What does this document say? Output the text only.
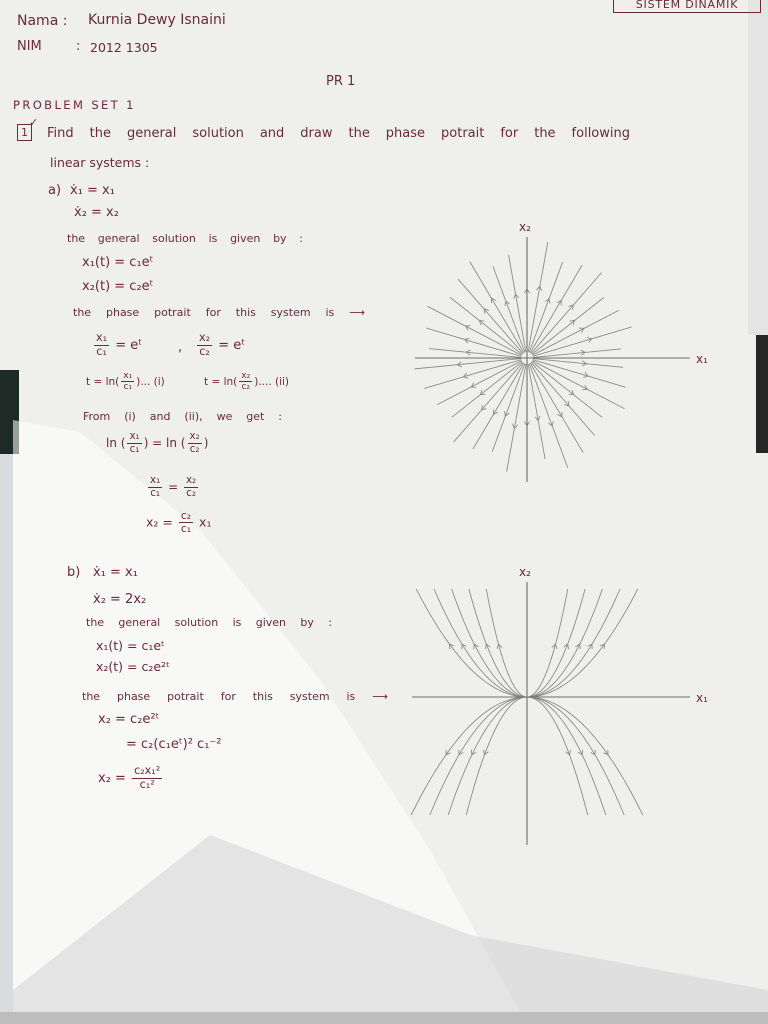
SISTEM DINAMIK
Nama : Kurnia Dewy Isnaini
NIM	: 2012 1305
PR 1
PROBLEM SET 1
1
✓
Find the general solution and draw the phase potrait for the following
linear systems :
a) ẋ₁ = x₁
ẋ₂ = x₂
the general solution is given by :
x₁(t) = c₁eᵗ
x₂(t) = c₂eᵗ
the phase potrait for this system is ⟶
$\frac{\text{x₁}}{\text{c₁}}$ = eᵗ	, $\frac{\text{x₂}}{\text{c₂}}$ = eᵗ
$t = \ln( \frac{\text{x₁}}{\text{c₁}}$ )... (i)	$t = \ln( \frac{\text{x₂}}{\text{c₂}}$ ).... (ii)
From (i) and (ii), we get :
ln ( $\frac{\text{x₁}}{\text{c₁}}$ ) = ln ( $\frac{\text{x₂}}{\text{c₂}}$ )
$\frac{\text{x₁}}{\text{c₁}} = \frac{\text{x₂}}{\text{c₂}}$
$x_2 = \frac{\text{c₂}}{\text{c₁}} x_1$
b) ẋ₁ = x₁
ẋ₂ = 2x₂
the general solution is given by :
x₁(t) = c₁eᵗ
x₂(t) = c₂e²ᵗ
the phase potrait for this system is ⟶
x₂ = c₂e²ᵗ
= c₂(c₁eᵗ)² c₁⁻²
$x_2 = \frac{\text{c₂x₁²}}{\text{c₁²}}$
x₂
x₁
x₂
x₁
